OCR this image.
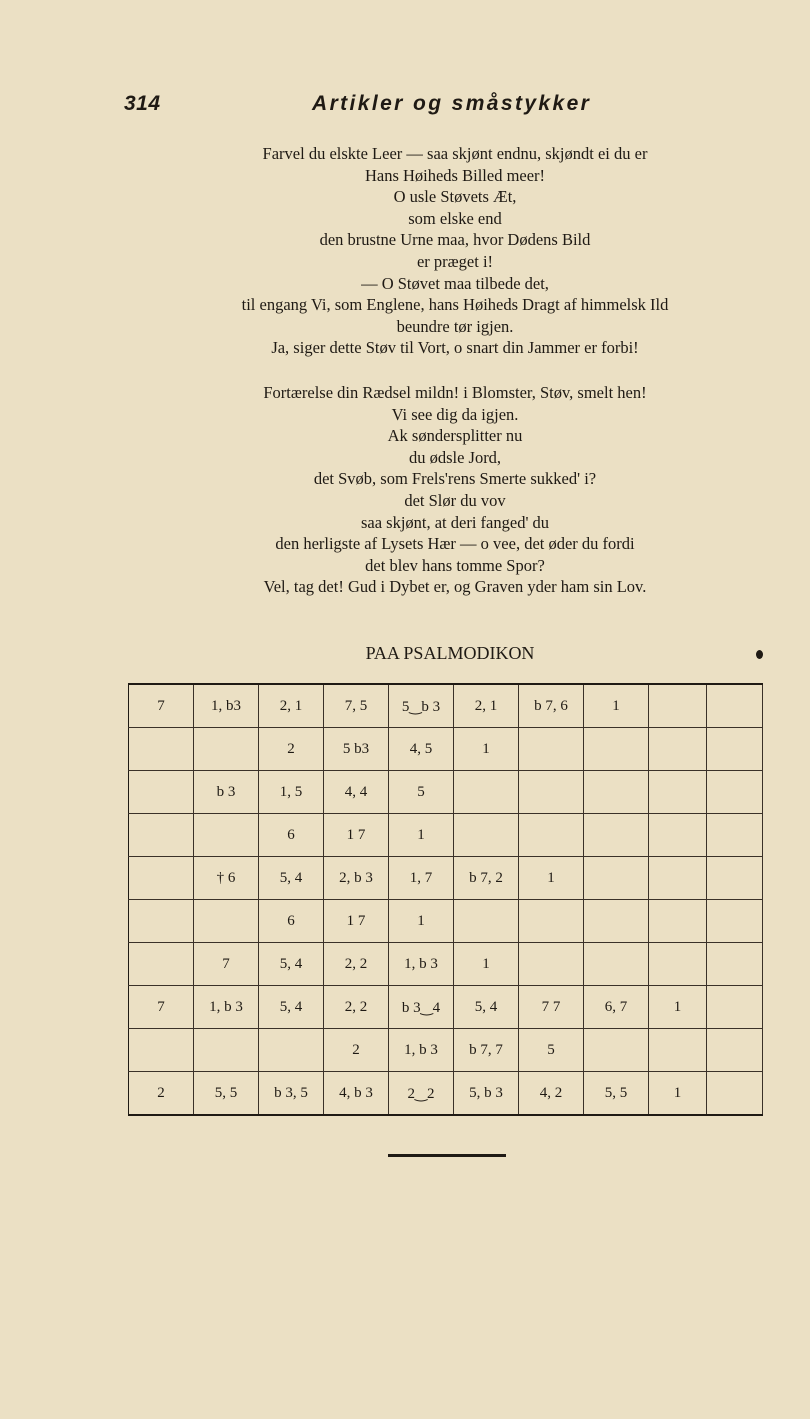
314	Artikler og småstykker
Farvel du elskte Leer — saa skjønt endnu, skjøndt ei du er
Hans Høiheds Billed meer!
O usle Støvets Æt,
som elske end
den brustne Urne maa, hvor Dødens Bild
er præget i!
— O Støvet maa tilbede det,
til engang Vi, som Englene, hans Høiheds Dragt af himmelsk Ild
beundre tør igjen.
Ja, siger dette Støv til Vort, o snart din Jammer er forbi!
Fortærelse din Rædsel mildn! i Blomster, Støv, smelt hen!
Vi see dig da igjen.
Ak søndersplitter nu
du ødsle Jord,
det Svøb, som Frels'rens Smerte sukked' i?
det Slør du vov
saa skjønt, at deri fanged' du
den herligste af Lysets Hær — o vee, det øder du fordi
det blev hans tomme Spor?
Vel, tag det! Gud i Dybet er, og Graven yder ham sin Lov.
PAA PSALMODIKON
7	1, b3	2, 1	7, 5	5‿b 3	2, 1	b 7, 6	1		
		2	5 b3	4, 5	1				
	b 3	1, 5	4, 4	5					
		6	1 7	1					
	† 6	5, 4	2, b 3	1, 7	b 7, 2	1			
		6	1 7	1					
	7	5, 4	2, 2	1, b 3	1				
7	1, b 3	5, 4	2, 2	b 3‿4	5, 4	7 7	6, 7	1	
			2	1, b 3	b 7, 7	5			
2	5, 5	b 3, 5	4, b 3	2‿2	5, b 3	4, 2	5, 5	1	
